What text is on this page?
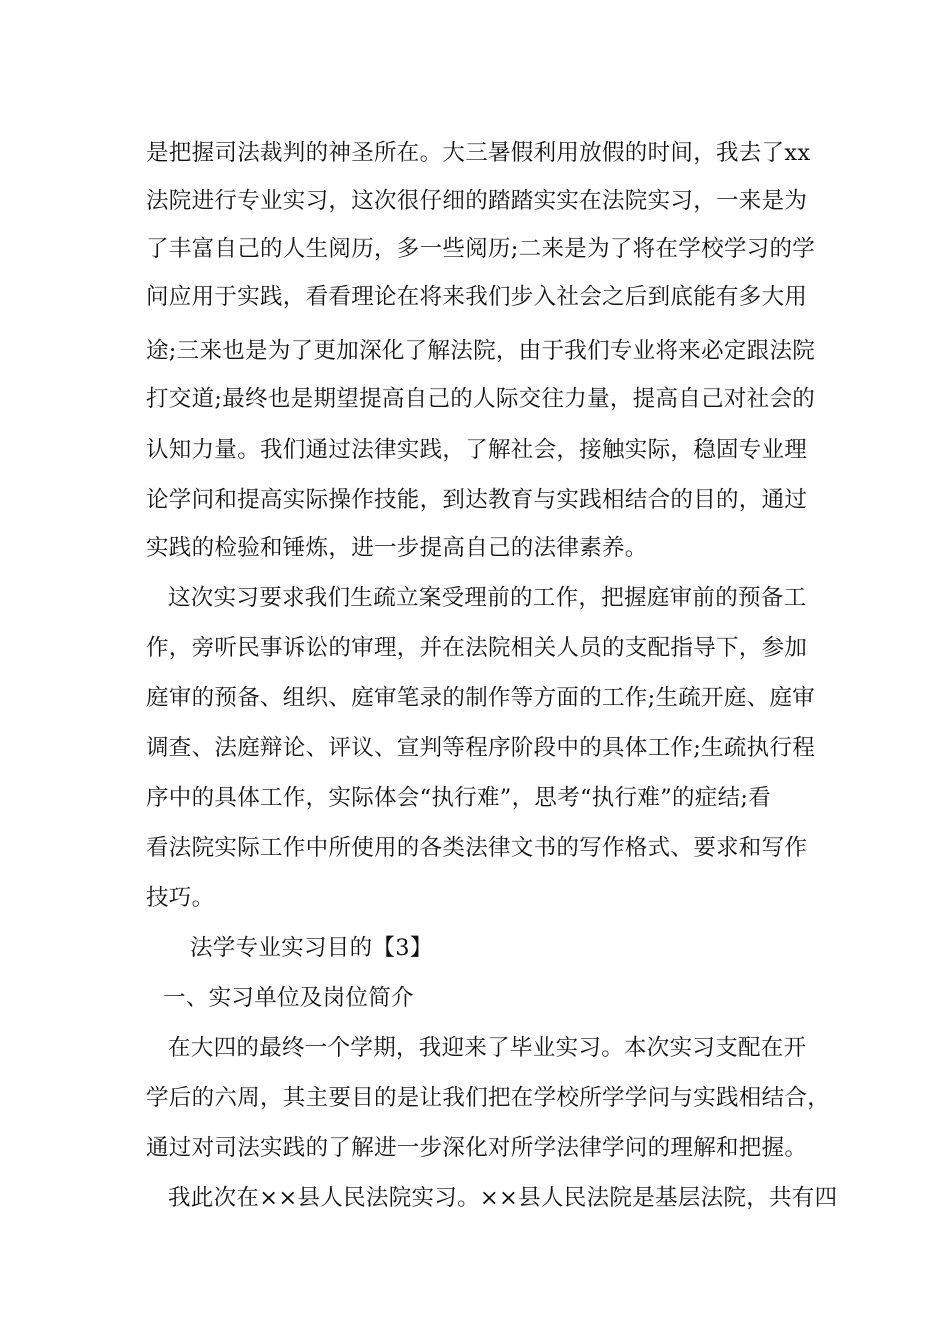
是把握司法裁判的神圣所在。大三暑假利用放假的时间，我去了xx
法院进行专业实习，这次很仔细的踏踏实实在法院实习，一来是为
了丰富自己的人生阅历，多一些阅历;二来是为了将在学校学习的学
问应用于实践，看看理论在将来我们步入社会之后到底能有多大用
途;三来也是为了更加深化了解法院，由于我们专业将来必定跟法院
打交道;最终也是期望提高自己的人际交往力量，提高自己对社会的
认知力量。我们通过法律实践，了解社会，接触实际，稳固专业理
论学问和提高实际操作技能，到达教育与实践相结合的目的，通过
实践的检验和锤炼，进一步提高自己的法律素养。
这次实习要求我们生疏立案受理前的工作，把握庭审前的预备工
作，旁听民事诉讼的审理，并在法院相关人员的支配指导下，参加
庭审的预备、组织、庭审笔录的制作等方面的工作;生疏开庭、庭审
调查、法庭辩论、评议、宣判等程序阶段中的具体工作;生疏执行程
序中的具体工作，实际体会“执行难”，思考“执行难”的症结;看
看法院实际工作中所使用的各类法律文书的写作格式、要求和写作
技巧。
法学专业实习目的【3】
一、实习单位及岗位简介
在大四的最终一个学期，我迎来了毕业实习。本次实习支配在开
学后的六周，其主要目的是让我们把在学校所学学问与实践相结合，
通过对司法实践的了解进一步深化对所学法律学问的理解和把握。
我此次在××县人民法院实习。××县人民法院是基层法院，共有四
